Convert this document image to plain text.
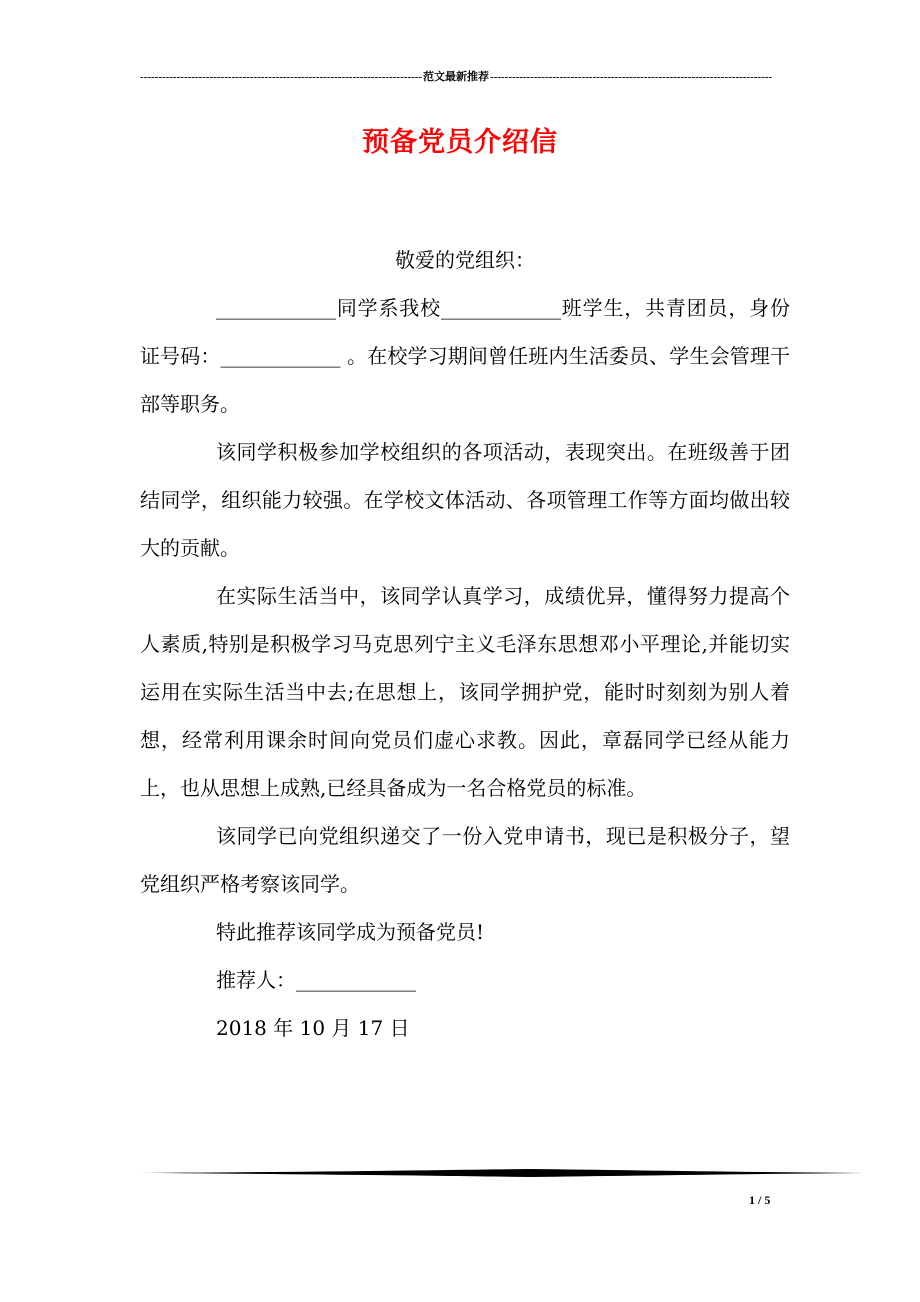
-----
范文最新推荐
-----
预备党员介绍信
敬爱的党组织：

____________同学系我校____________班学生，共青团员，身份证号码：____________ 。在校学习期间曾任班内生活委员、学生会管理干部等职务。

该同学积极参加学校组织的各项活动，表现突出。在班级善于团结同学，组织能力较强。在学校文体活动、各项管理工作等方面均做出较大的贡献。

在实际生活当中，该同学认真学习，成绩优异，懂得努力提高个人素质,特别是积极学习马克思列宁主义毛泽东思想邓小平理论,并能切实运用在实际生活当中去;在思想上，该同学拥护党，能时时刻刻为别人着想，经常利用课余时间向党员们虚心求教。因此，章磊同学已经从能力上，也从思想上成熟,已经具备成为一名合格党员的标准。

该同学已向党组织递交了一份入党申请书，现已是积极分子，望党组织严格考察该同学。

特此推荐该同学成为预备党员!

推荐人：____________

2018 年 10 月 17 日

1 / 5
